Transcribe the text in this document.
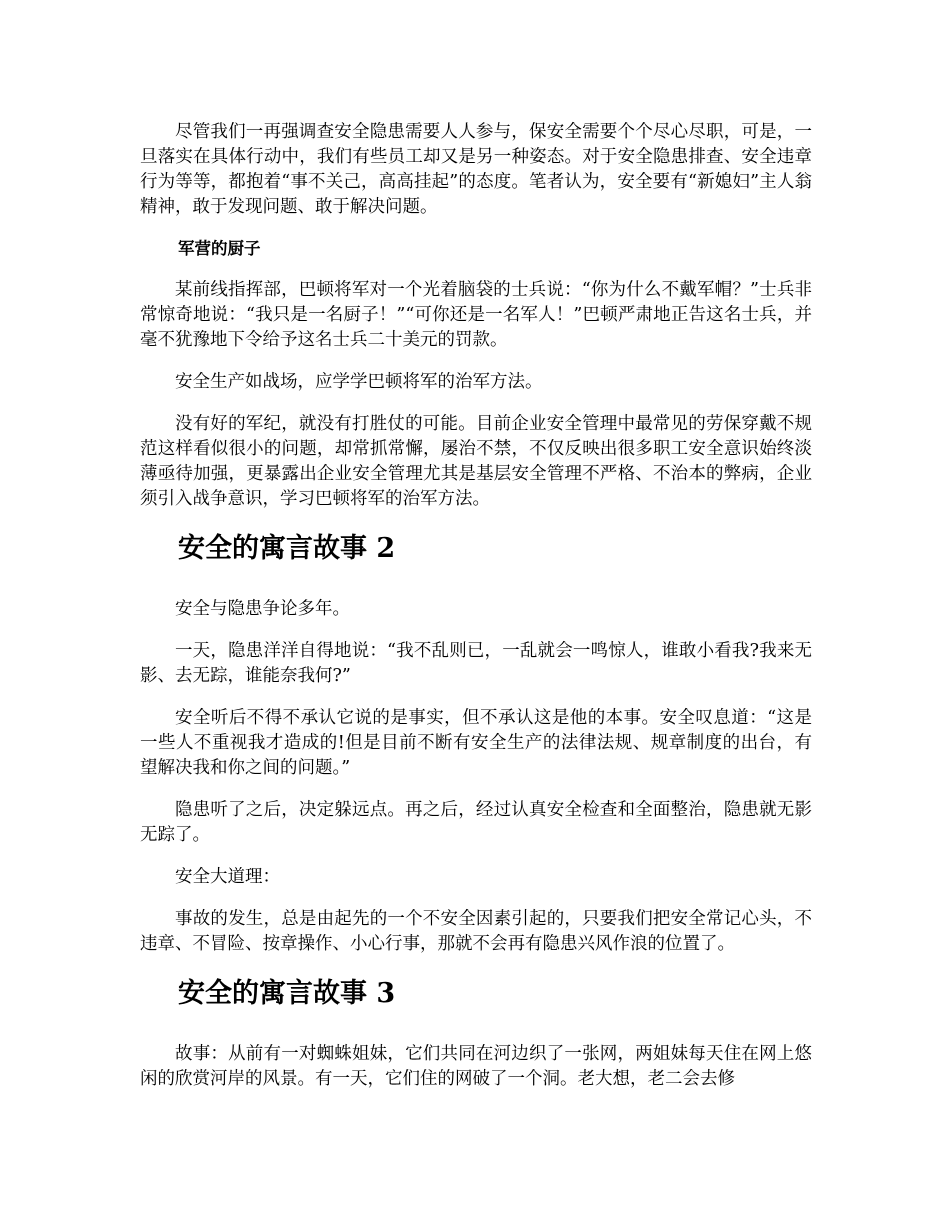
尽管我们一再强调查安全隐患需要人人参与，保安全需要个个尽心尽职，可是，一旦落实在具体行动中，我们有些员工却又是另一种姿态。对于安全隐患排查、安全违章行为等等，都抱着“事不关己，高高挂起”的态度。笔者认为，安全要有“新媳妇”主人翁精神，敢于发现问题、敢于解决问题。

军营的厨子

某前线指挥部，巴顿将军对一个光着脑袋的士兵说：“你为什么不戴军帽？”士兵非常惊奇地说：“我只是一名厨子！”“可你还是一名军人！”巴顿严肃地正告这名士兵，并毫不犹豫地下令给予这名士兵二十美元的罚款。

安全生产如战场，应学学巴顿将军的治军方法。

没有好的军纪，就没有打胜仗的可能。目前企业安全管理中最常见的劳保穿戴不规范这样看似很小的问题，却常抓常懈，屡治不禁，不仅反映出很多职工安全意识始终淡薄亟待加强，更暴露出企业安全管理尤其是基层安全管理不严格、不治本的弊病，企业须引入战争意识，学习巴顿将军的治军方法。

安全的寓言故事 2

安全与隐患争论多年。

一天，隐患洋洋自得地说：“我不乱则已，一乱就会一鸣惊人，谁敢小看我?我来无影、去无踪，谁能奈我何?”

安全听后不得不承认它说的是事实，但不承认这是他的本事。安全叹息道：“这是一些人不重视我才造成的!但是目前不断有安全生产的法律法规、规章制度的出台，有望解决我和你之间的问题。”

隐患听了之后，决定躲远点。再之后，经过认真安全检查和全面整治，隐患就无影无踪了。

安全大道理：

事故的发生，总是由起先的一个不安全因素引起的，只要我们把安全常记心头，不违章、不冒险、按章操作、小心行事，那就不会再有隐患兴风作浪的位置了。

安全的寓言故事 3

故事：从前有一对蜘蛛姐妹，它们共同在河边织了一张网，两姐妹每天住在网上悠闲的欣赏河岸的风景。有一天，它们住的网破了一个洞。老大想，老二会去修
